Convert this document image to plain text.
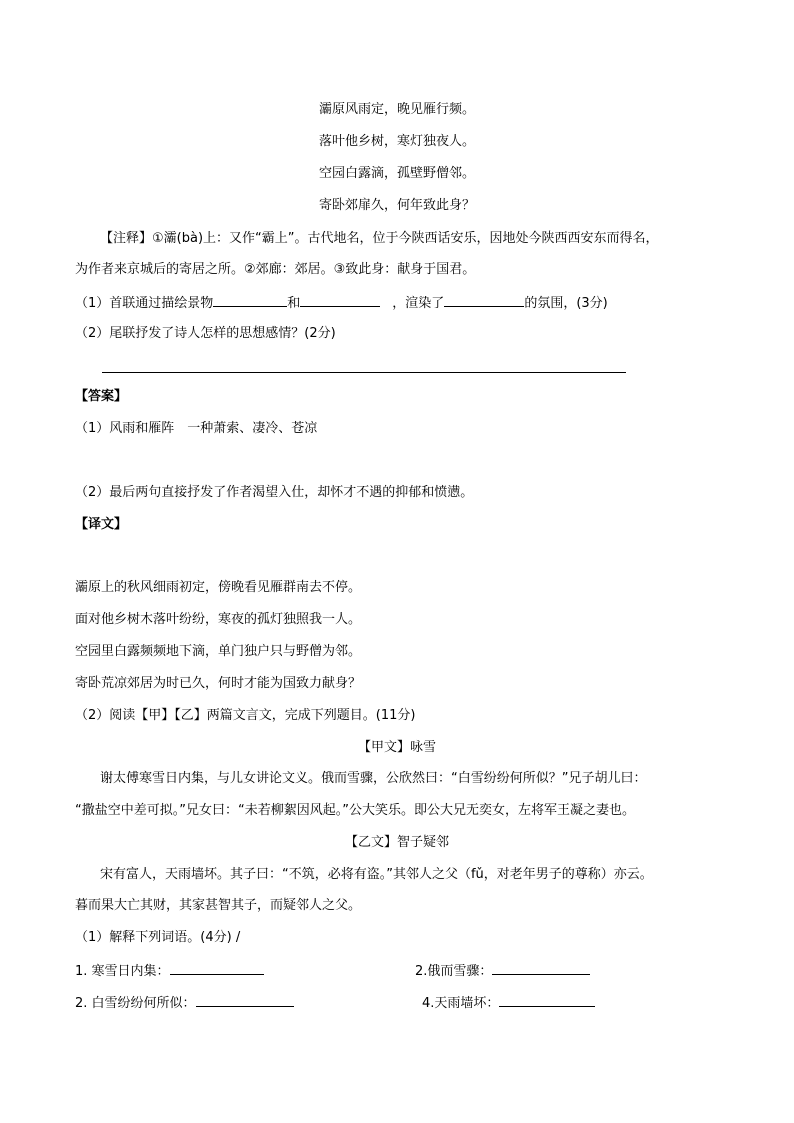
灞原风雨定，晚见雁行频。
落叶他乡树，寒灯独夜人。
空园白露滴，孤壁野僧邻。
寄卧郊扉久，何年致此身？
【注释】①灞(bà)上：又作“霸上”。古代地名，位于今陕西话安乐，因地处今陕西西安东而得名，
为作者来京城后的寄居之所。②郊廊：郊居。③致此身：献身于国君。
（1）首联通过描绘景物	和	，渲染了	的氛围，(3分)
（2）尾联抒发了诗人怎样的思想感情？(2分)
【答案】
（1）风雨和雁阵　一种萧索、凄冷、苍凉
（2）最后两句直接抒发了作者渴望入仕，却怀才不遇的抑郁和愤懑。
【译文】
灞原上的秋风细雨初定，傍晚看见雁群南去不停。
面对他乡树木落叶纷纷，寒夜的孤灯独照我一人。
空园里白露频频地下滴，单门独户只与野僧为邻。
寄卧荒凉郊居为时已久，何时才能为国致力献身？
（2）阅读【甲】【乙】两篇文言文，完成下列题目。(11分)
【甲文】咏雪
谢太傅寒雪日内集，与儿女讲论文义。俄而雪骤，公欣然曰：“白雪纷纷何所似？”兄子胡儿曰：
“撒盐空中差可拟。”兄女曰：“未若柳絮因风起。”公大笑乐。即公大兄无奕女，左将军王凝之妻也。
【乙文】智子疑邻
宋有富人，天雨墙坏。其子曰：“不筑，必将有盗。”其邻人之父（fǔ，对老年男子的尊称）亦云。
暮而果大亡其财，其家甚智其子，而疑邻人之父。
（1）解释下列词语。(4分) /
1. 寒雪日内集：	2.俄而雪骤：
2. 白雪纷纷何所似：	4.天雨墙坏：
